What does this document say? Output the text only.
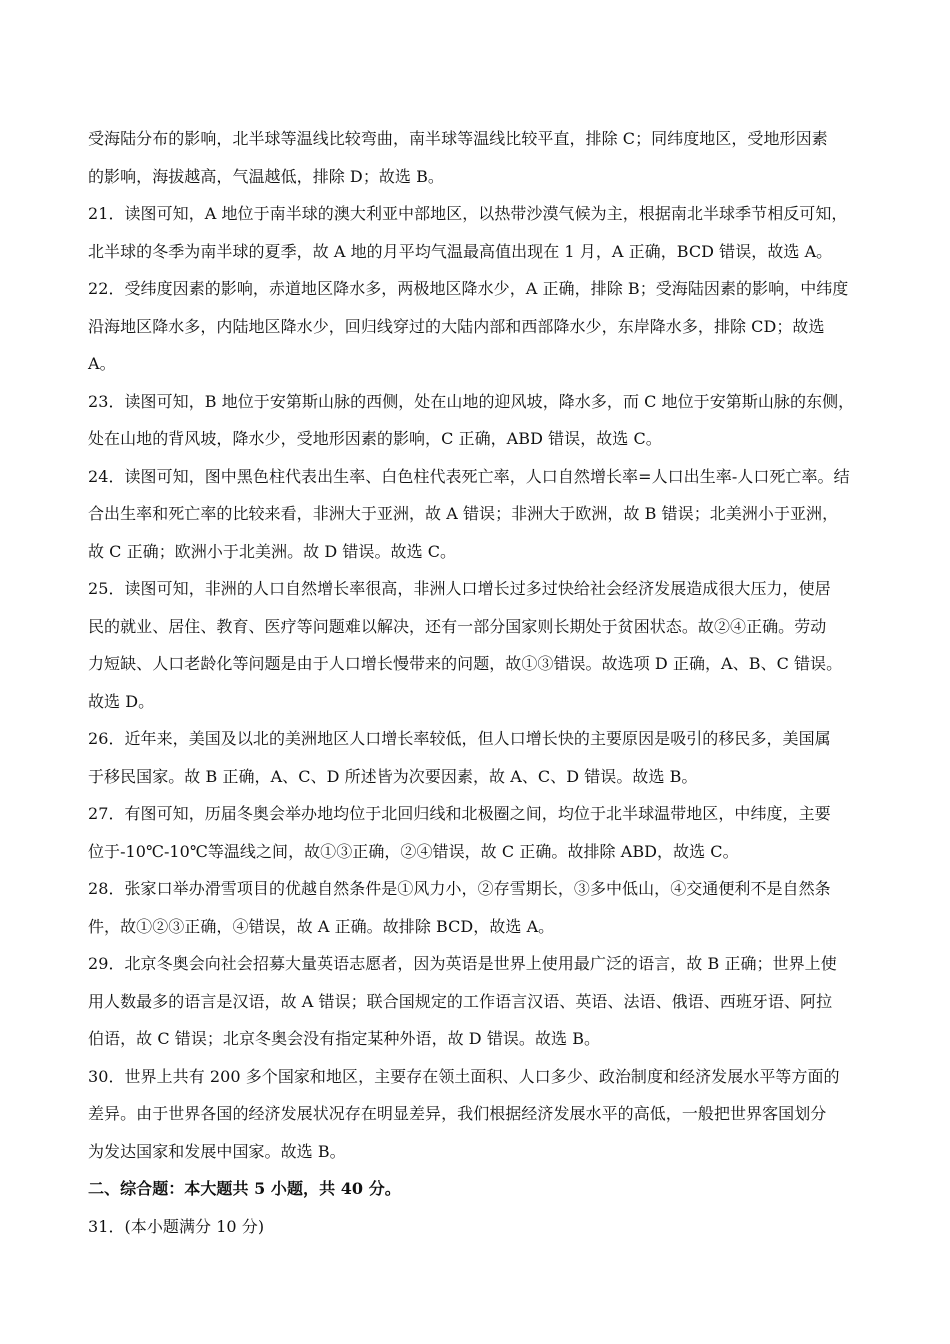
受海陆分布的影响，北半球等温线比较弯曲，南半球等温线比较平直，排除 C；同纬度地区，受地形因素
的影响，海拔越高，气温越低，排除 D；故选 B。
21．读图可知，A 地位于南半球的澳大利亚中部地区，以热带沙漠气候为主，根据南北半球季节相反可知，
北半球的冬季为南半球的夏季，故 A 地的月平均气温最高值出现在 1 月，A 正确，BCD 错误，故选 A。
22．受纬度因素的影响，赤道地区降水多，两极地区降水少，A 正确，排除 B；受海陆因素的影响，中纬度
沿海地区降水多，内陆地区降水少，回归线穿过的大陆内部和西部降水少，东岸降水多，排除 CD；故选
A。
23．读图可知，B 地位于安第斯山脉的西侧，处在山地的迎风坡，降水多，而 C 地位于安第斯山脉的东侧，
处在山地的背风坡，降水少，受地形因素的影响，C 正确，ABD 错误，故选 C。
24．读图可知，图中黑色柱代表出生率、白色柱代表死亡率，人口自然增长率=人口出生率-人口死亡率。结
合出生率和死亡率的比较来看，非洲大于亚洲，故 A 错误；非洲大于欧洲，故 B 错误；北美洲小于亚洲，
故 C 正确；欧洲小于北美洲。故 D 错误。故选 C。
25．读图可知，非洲的人口自然增长率很高，非洲人口增长过多过快给社会经济发展造成很大压力，使居
民的就业、居住、教育、医疗等问题难以解决，还有一部分国家则长期处于贫困状态。故②④正确。劳动
力短缺、人口老龄化等问题是由于人口增长慢带来的问题，故①③错误。故选项 D 正确，A、B、C 错误。
故选 D。
26．近年来，美国及以北的美洲地区人口增长率较低，但人口增长快的主要原因是吸引的移民多，美国属
于移民国家。故 B 正确，A、C、D 所述皆为次要因素，故 A、C、D 错误。故选 B。
27．有图可知，历届冬奥会举办地均位于北回归线和北极圈之间，均位于北半球温带地区，中纬度，主要
位于-10℃-10℃等温线之间，故①③正确，②④错误，故 C 正确。故排除 ABD，故选 C。
28．张家口举办滑雪项目的优越自然条件是①风力小，②存雪期长，③多中低山，④交通便利不是自然条
件，故①②③正确，④错误，故 A 正确。故排除 BCD，故选 A。
29．北京冬奥会向社会招募大量英语志愿者，因为英语是世界上使用最广泛的语言，故 B 正确；世界上使
用人数最多的语言是汉语，故 A 错误；联合国规定的工作语言汉语、英语、法语、俄语、西班牙语、阿拉
伯语，故 C 错误；北京冬奥会没有指定某种外语，故 D 错误。故选 B。
30．世界上共有 200 多个国家和地区，主要存在领土面积、人口多少、政治制度和经济发展水平等方面的
差异。由于世界各国的经济发展状况存在明显差异，我们根据经济发展水平的高低，一般把世界客国划分
为发达国家和发展中国家。故选 B。
二、综合题：本大题共 5 小题，共 40 分。
31．(本小题满分 10 分)
